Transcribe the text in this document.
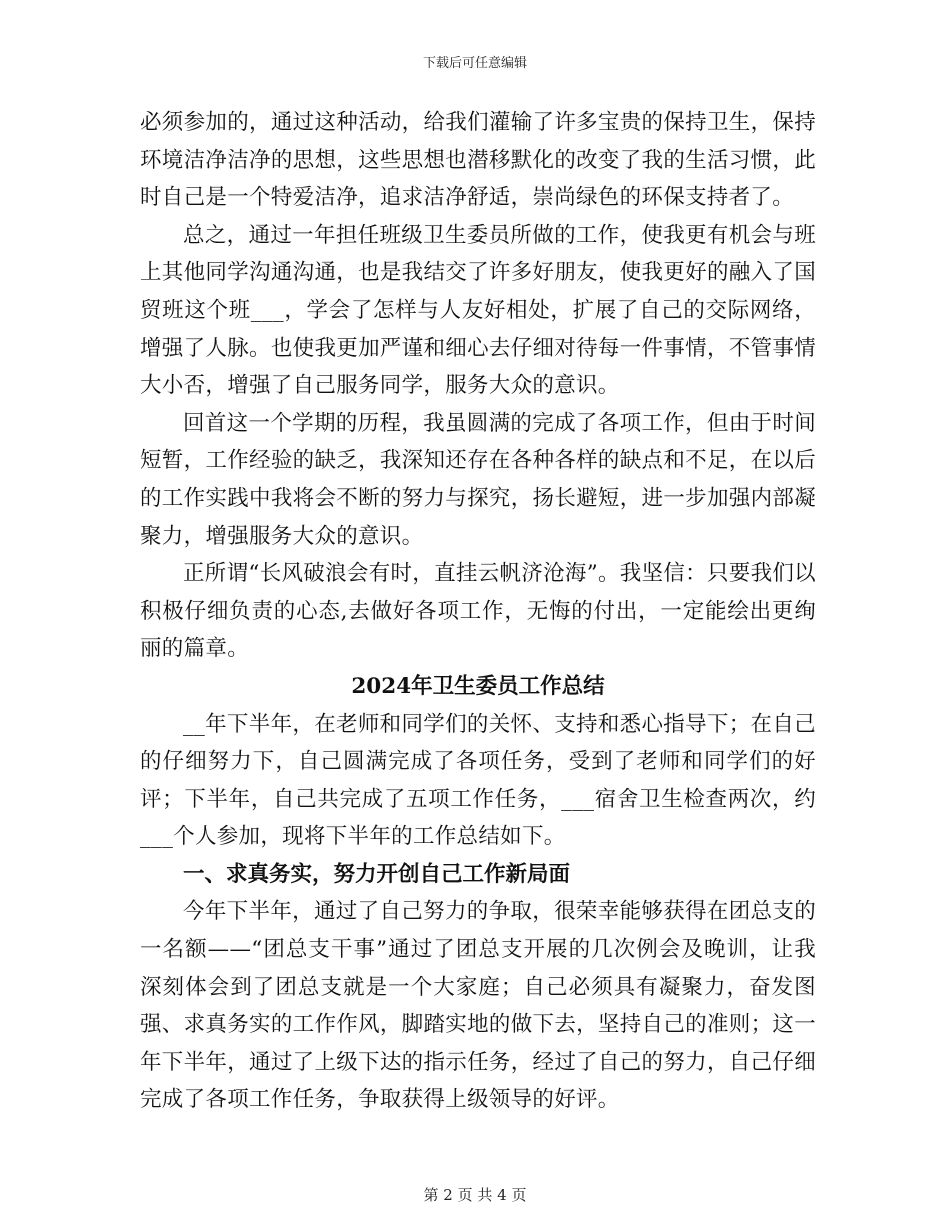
下载后可任意编辑

必须参加的，通过这种活动，给我们灌输了许多宝贵的保持卫生，保持环境洁净洁净的思想，这些思想也潜移默化的改变了我的生活习惯，此时自己是一个特爱洁净，追求洁净舒适，崇尚绿色的环保支持者了。

总之，通过一年担任班级卫生委员所做的工作，使我更有机会与班上其他同学沟通沟通，也是我结交了许多好朋友，使我更好的融入了国贸班这个班___，学会了怎样与人友好相处，扩展了自己的交际网络，增强了人脉。也使我更加严谨和细心去仔细对待每一件事情，不管事情大小否，增强了自己服务同学，服务大众的意识。

回首这一个学期的历程，我虽圆满的完成了各项工作，但由于时间短暂，工作经验的缺乏，我深知还存在各种各样的缺点和不足，在以后的工作实践中我将会不断的努力与探究，扬长避短，进一步加强内部凝聚力，增强服务大众的意识。

正所谓“长风破浪会有时，直挂云帆济沧海”。我坚信：只要我们以积极仔细负责的心态,去做好各项工作，无悔的付出，一定能绘出更绚丽的篇章。

2024年卫生委员工作总结

__年下半年，在老师和同学们的关怀、支持和悉心指导下；在自己的仔细努力下，自己圆满完成了各项任务，受到了老师和同学们的好评；下半年，自己共完成了五项工作任务，___宿舍卫生检查两次，约___个人参加，现将下半年的工作总结如下。

一、求真务实，努力开创自己工作新局面

今年下半年，通过了自己努力的争取，很荣幸能够获得在团总支的一名额——“团总支干事”通过了团总支开展的几次例会及晚训，让我深刻体会到了团总支就是一个大家庭；自己必须具有凝聚力，奋发图强、求真务实的工作作风，脚踏实地的做下去，坚持自己的准则；这一年下半年，通过了上级下达的指示任务，经过了自己的努力，自己仔细完成了各项工作任务，争取获得上级领导的好评。

第 2 页 共 4 页
